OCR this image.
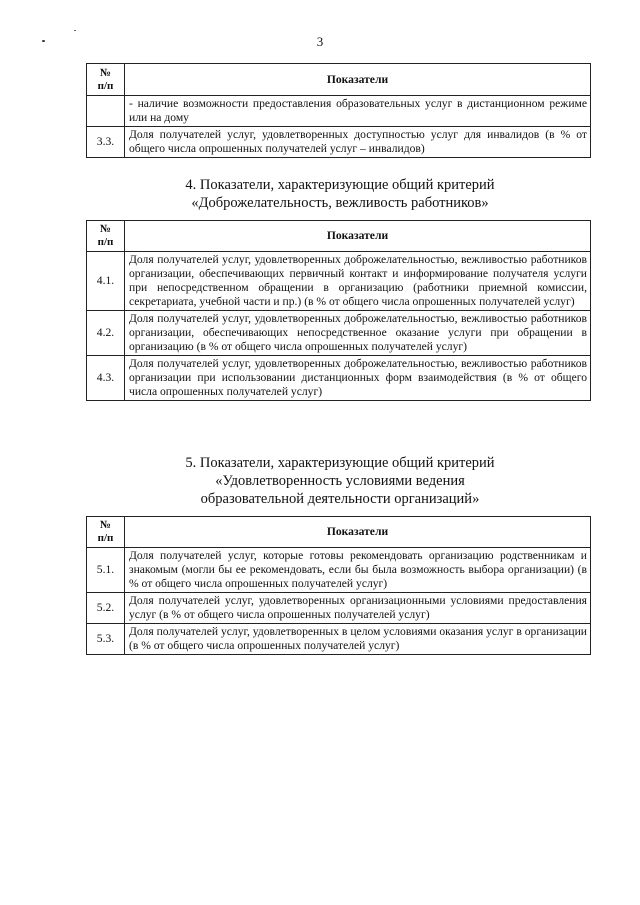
3
№
п/п	Показатели
	- наличие возможности предоставления образовательных услуг в дистанционном режиме или на дому
3.3.	Доля получателей услуг, удовлетворенных доступностью услуг для инвалидов (в % от общего числа опрошенных получателей услуг – инвалидов)
4. Показатели, характеризующие общий критерий
«Доброжелательность, вежливость работников»
№
п/п	Показатели
4.1.	Доля получателей услуг, удовлетворенных доброжелательностью, вежливостью работников организации, обеспечивающих первичный контакт и информирование получателя услуги при непосредственном обращении в организацию (работники приемной комиссии, секретариата, учебной части и пр.) (в % от общего числа опрошенных получателей услуг)
4.2.	Доля получателей услуг, удовлетворенных доброжелательностью, вежливостью работников организации, обеспечивающих непосредственное оказание услуги при обращении в организацию (в % от общего числа опрошенных получателей услуг)
4.3.	Доля получателей услуг, удовлетворенных доброжелательностью, вежливостью работников организации при использовании дистанционных форм взаимодействия (в % от общего числа опрошенных получателей услуг)
5. Показатели, характеризующие общий критерий
«Удовлетворенность условиями ведения
образовательной деятельности организаций»
№
п/п	Показатели
5.1.	Доля получателей услуг, которые готовы рекомендовать организацию родственникам и знакомым (могли бы ее рекомендовать, если бы была возможность выбора организации) (в % от общего числа опрошенных получателей услуг)
5.2.	Доля получателей услуг, удовлетворенных организационными условиями предоставления услуг (в % от общего числа опрошенных получателей услуг)
5.3.	Доля получателей услуг, удовлетворенных в целом условиями оказания услуг в организации (в % от общего числа опрошенных получателей услуг)
